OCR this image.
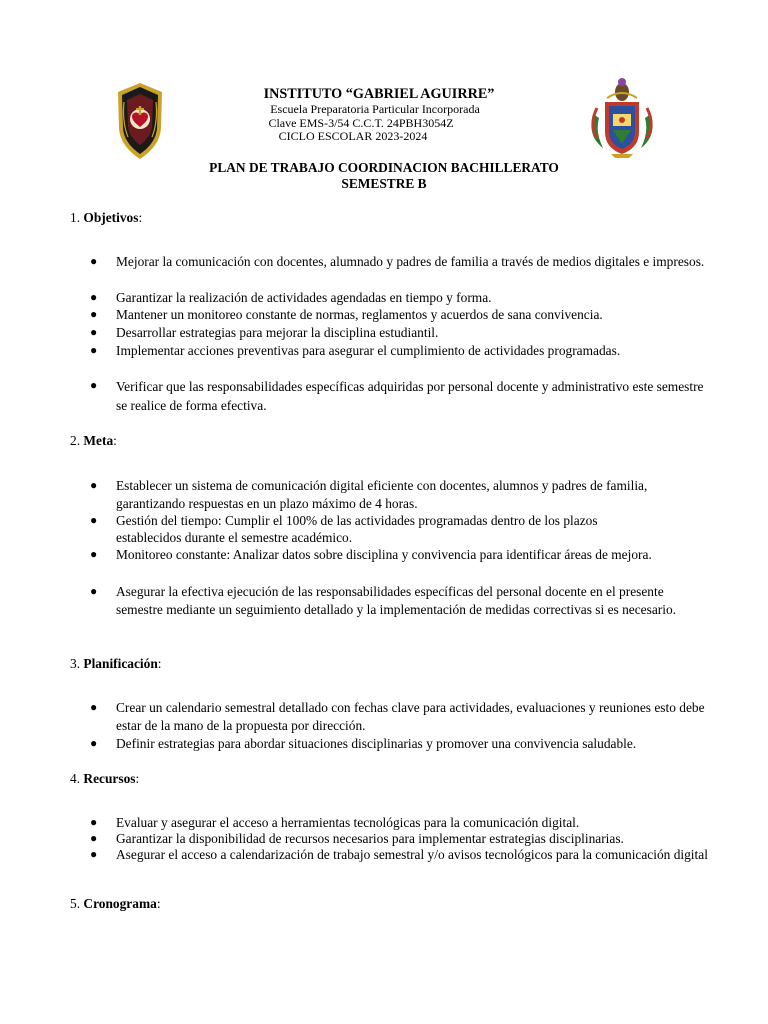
INSTITUTO “GABRIEL AGUIRRE”
Escuela Preparatoria Particular Incorporada
Clave EMS-3/54 C.C.T. 24PBH3054Z
CICLO ESCOLAR 2023-2024
PLAN DE TRABAJO COORDINACION BACHILLERATO
SEMESTRE B
1. Objetivos:
● Mejorar la comunicación con docentes, alumnado y padres de familia a través de medios digitales e impresos.
● Garantizar la realización de actividades agendadas en tiempo y forma.
● Mantener un monitoreo constante de normas, reglamentos y acuerdos de sana convivencia.
● Desarrollar estrategias para mejorar la disciplina estudiantil.
● Implementar acciones preventivas para asegurar el cumplimiento de actividades programadas.
● Verificar que las responsabilidades específicas adquiridas por personal docente y administrativo este semestre se realice de forma efectiva.
2. Meta:
● Establecer un sistema de comunicación digital eficiente con docentes, alumnos y padres de familia, garantizando respuestas en un plazo máximo de 4 horas.
● Gestión del tiempo: Cumplir el 100% de las actividades programadas dentro de los plazos establecidos durante el semestre académico.
● Monitoreo constante: Analizar datos sobre disciplina y convivencia para identificar áreas de mejora.
● Asegurar la efectiva ejecución de las responsabilidades específicas del personal docente en el presente semestre mediante un seguimiento detallado y la implementación de medidas correctivas si es necesario.
3. Planificación:
● Crear un calendario semestral detallado con fechas clave para actividades, evaluaciones y reuniones esto debe estar de la mano de la propuesta por dirección.
● Definir estrategias para abordar situaciones disciplinarias y promover una convivencia saludable.
4. Recursos:
● Evaluar y asegurar el acceso a herramientas tecnológicas para la comunicación digital.
● Garantizar la disponibilidad de recursos necesarios para implementar estrategias disciplinarias.
● Asegurar el acceso a calendarización de trabajo semestral y/o avisos tecnológicos para la comunicación digital
5. Cronograma:
